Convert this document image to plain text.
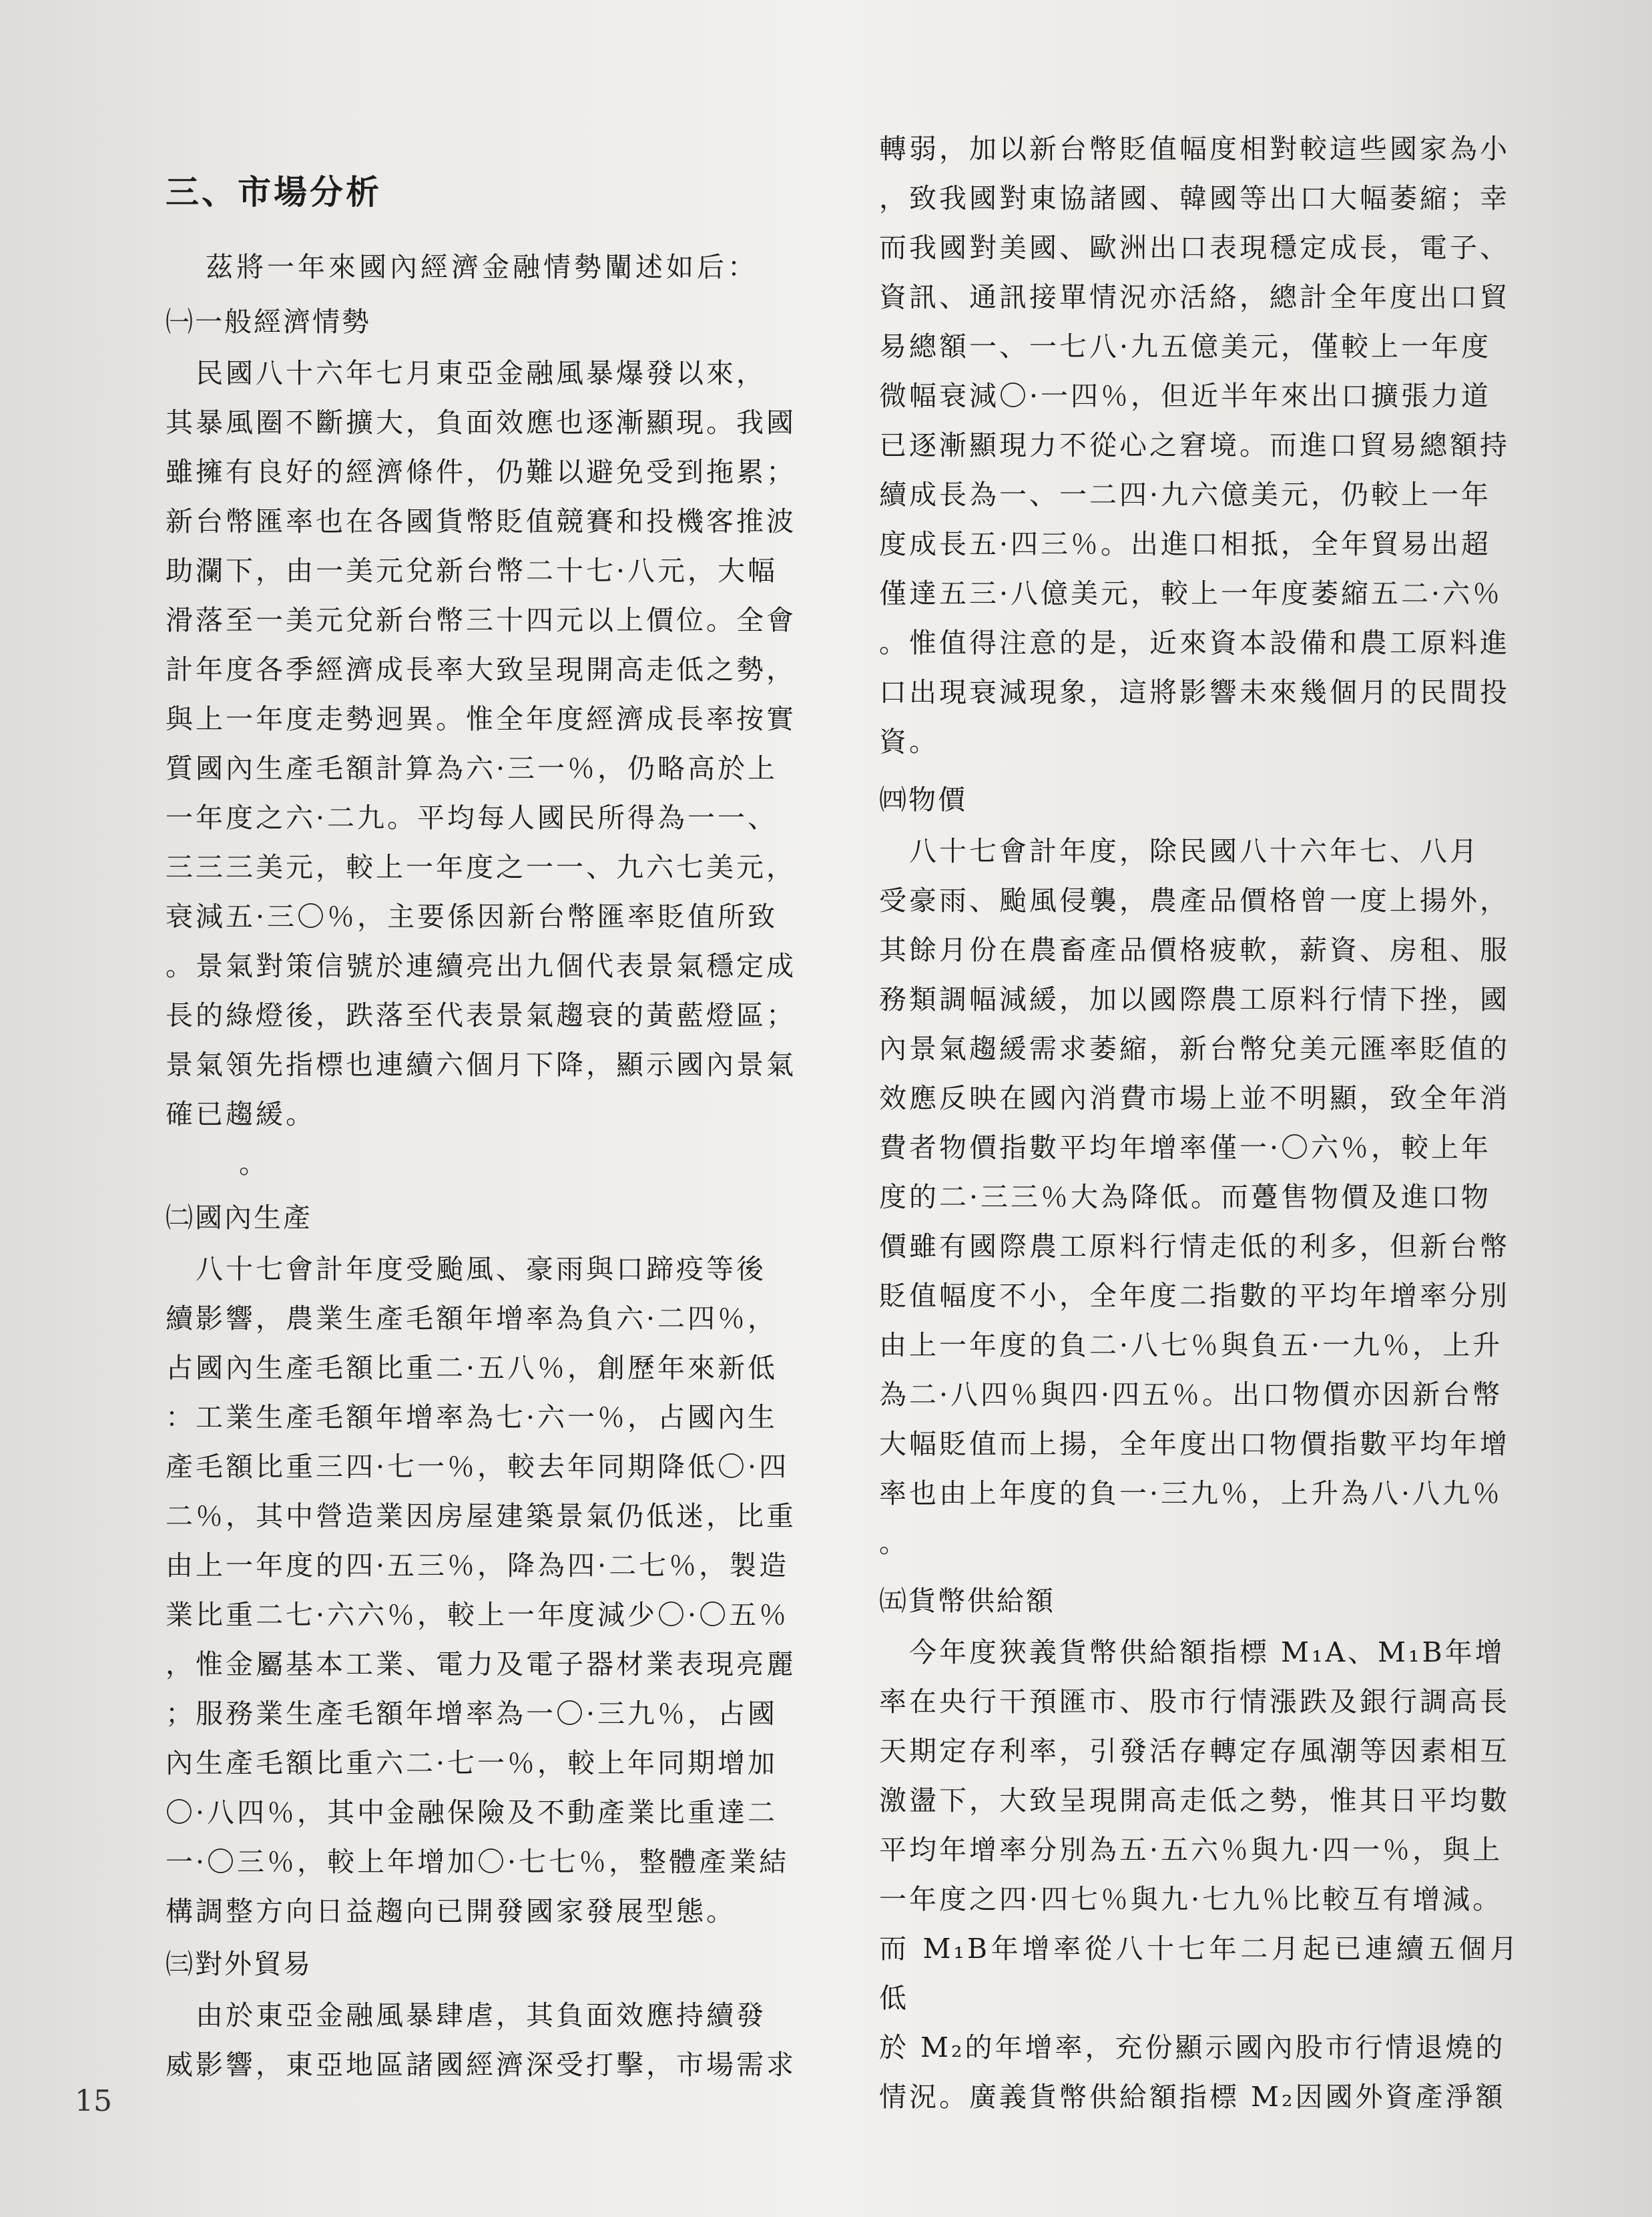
三、市場分析

茲將一年來國內經濟金融情勢闡述如后：

㈠一般經濟情勢

　民國八十六年七月東亞金融風暴爆發以來，
其暴風圈不斷擴大，負面效應也逐漸顯現。我國
雖擁有良好的經濟條件，仍難以避免受到拖累；
新台幣匯率也在各國貨幣貶值競賽和投機客推波
助瀾下，由一美元兌新台幣二十七·八元，大幅
滑落至一美元兌新台幣三十四元以上價位。全會
計年度各季經濟成長率大致呈現開高走低之勢，
與上一年度走勢迥異。惟全年度經濟成長率按實
質國內生產毛額計算為六·三一％，仍略高於上
一年度之六·二九。平均每人國民所得為一一、
三三三美元，較上一年度之一一、九六七美元，
衰減五·三〇％，主要係因新台幣匯率貶值所致
。景氣對策信號於連續亮出九個代表景氣穩定成
長的綠燈後，跌落至代表景氣趨衰的黃藍燈區；
景氣領先指標也連續六個月下降，顯示國內景氣
確已趨緩。

。

㈡國內生產

　八十七會計年度受颱風、豪雨與口蹄疫等後
續影響，農業生產毛額年增率為負六·二四％，
占國內生產毛額比重二·五八％，創歷年來新低
：工業生產毛額年增率為七·六一％，占國內生
產毛額比重三四·七一％，較去年同期降低〇·四
二％，其中營造業因房屋建築景氣仍低迷，比重
由上一年度的四·五三％，降為四·二七％，製造
業比重二七·六六％，較上一年度減少〇·〇五％
，惟金屬基本工業、電力及電子器材業表現亮麗
；服務業生產毛額年增率為一〇·三九％，占國
內生產毛額比重六二·七一％，較上年同期增加
〇·八四％，其中金融保險及不動產業比重達二
一·〇三％，較上年增加〇·七七％，整體產業結
構調整方向日益趨向已開發國家發展型態。

㈢對外貿易

　由於東亞金融風暴肆虐，其負面效應持續發
威影響，東亞地區諸國經濟深受打擊，市場需求

轉弱，加以新台幣貶值幅度相對較這些國家為小
，致我國對東協諸國、韓國等出口大幅萎縮；幸
而我國對美國、歐洲出口表現穩定成長，電子、
資訊、通訊接單情況亦活絡，總計全年度出口貿
易總額一、一七八·九五億美元，僅較上一年度
微幅衰減〇·一四％，但近半年來出口擴張力道
已逐漸顯現力不從心之窘境。而進口貿易總額持
續成長為一、一二四·九六億美元，仍較上一年
度成長五·四三％。出進口相抵，全年貿易出超
僅達五三·八億美元，較上一年度萎縮五二·六％
。惟值得注意的是，近來資本設備和農工原料進
口出現衰減現象，這將影響未來幾個月的民間投
資。

㈣物價

　八十七會計年度，除民國八十六年七、八月
受豪雨、颱風侵襲，農產品價格曾一度上揚外，
其餘月份在農畜產品價格疲軟，薪資、房租、服
務類調幅減緩，加以國際農工原料行情下挫，國
內景氣趨緩需求萎縮，新台幣兌美元匯率貶值的
效應反映在國內消費市場上並不明顯，致全年消
費者物價指數平均年增率僅一·〇六％，較上年
度的二·三三％大為降低。而躉售物價及進口物
價雖有國際農工原料行情走低的利多，但新台幣
貶值幅度不小，全年度二指數的平均年增率分別
由上一年度的負二·八七％與負五·一九％，上升
為二·八四％與四·四五％。出口物價亦因新台幣
大幅貶值而上揚，全年度出口物價指數平均年增
率也由上年度的負一·三九％，上升為八·八九％
。

㈤貨幣供給額

　今年度狹義貨幣供給額指標 M₁A、M₁B年增
率在央行干預匯市、股市行情漲跌及銀行調高長
天期定存利率，引發活存轉定存風潮等因素相互
激盪下，大致呈現開高走低之勢，惟其日平均數
平均年增率分別為五·五六％與九·四一％，與上
一年度之四·四七％與九·七九％比較互有增減。
而 M₁B年增率從八十七年二月起已連續五個月低
於 M₂的年增率，充份顯示國內股市行情退燒的
情況。廣義貨幣供給額指標 M₂因國外資產淨額

15
